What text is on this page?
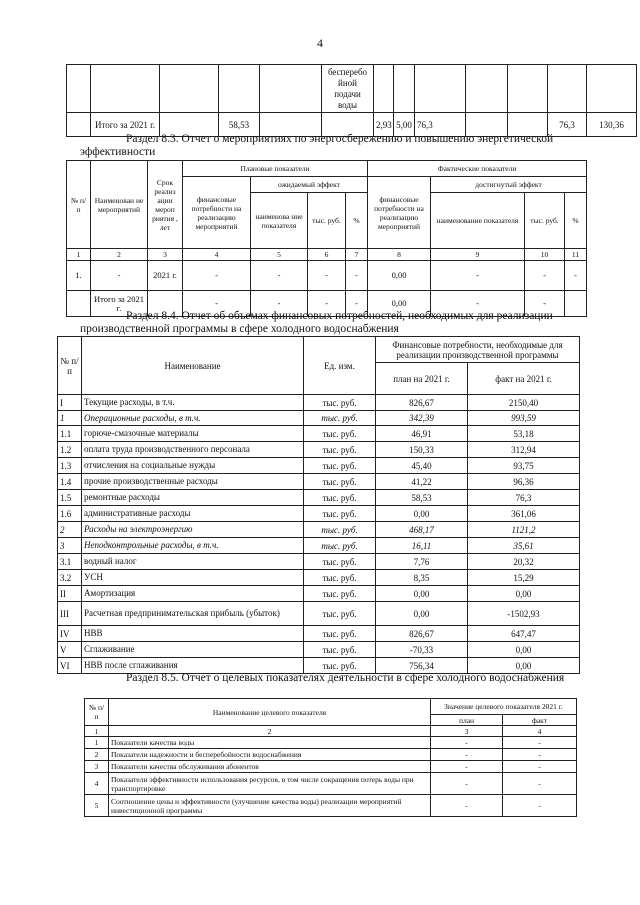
4
					бесперебо йной подачи воды							
	Итого за 2021 г.		58,53			2,93	5,00	76,3			76,3	130,36
Раздел 8.3. Отчет о мероприятиях по энергосбережению и повышению энергетической эффективности
№ п/ п	Наименован ие мероприятий	Срок реализ ации мероп риятия , лет	Плановые показатели				Фактические показатели			
			финансовые потребности на реализацию мероприятий	ожидаемый эффект			финансовые потребности на реализацию мероприятий	достигнутый эффект		
				наименова ние показателя	тыс. руб.	%		наименование показателя	тыс. руб.	%
1	2	3	4	5	6	7	8	9	10	11
1.	-	2021 г.	-	-	-	-	0,00	-	-	-
	Итого за 2021 г.		-	-	-	-	0,00	-	-	
Раздел 8.4. Отчет об объемах финансовых потребностей, необходимых для реализации производственной программы в сфере холодного водоснабжения
№ п/п	Наименование	Ед. изм.	Финансовые потребности, необходимые для реализации производственной программы	
			план на 2021 г.	факт на 2021 г.
I	Текущие расходы, в т.ч.	тыс. руб.	826,67	2150,40
1	Операционные расходы, в т.ч.	тыс. руб.	342,39	993,59
1.1	горюче-смазочные материалы	тыс. руб.	46,91	53,18
1.2	оплата труда производственного персонала	тыс. руб.	150,33	312,94
1.3	отчисления на социальные нужды	тыс. руб.	45,40	93,75
1.4	прочие производственные расходы	тыс. руб.	41,22	96,36
1.5	ремонтные расходы	тыс. руб.	58,53	76,3
1.6	административные расходы	тыс. руб.	0,00	361,06
2	Расходы на электроэнергию	тыс. руб.	468,17	1121,2
3	Неподконтрольные расходы, в т.ч.	тыс. руб.	16,11	35,61
3.1	водный налог	тыс. руб.	7,76	20,32
3.2	УСН	тыс. руб.	8,35	15,29
II	Амортизация	тыс. руб.	0,00	0,00
III	Расчетная предпринимательская прибыль (убыток)	тыс. руб.	0,00	-1502,93
IV	НВВ	тыс. руб.	826,67	647,47
V	Сглаживание	тыс. руб.	-70,33	0,00
VI	НВВ после сглаживания	тыс. руб.	756,34	0,00
Раздел 8.5. Отчет о целевых показателях деятельности в сфере холодного водоснабжения
№ п/п	Наименование целевого показателя	Значение целевого показателя 2021 г.	
		план	факт
1	2	3	4
1	Показатели качества воды	-	-
2	Показатели надежности и бесперебойности водоснабжения	-	-
3	Показатели качества обслуживания абонентов	-	-
4	Показатели эффективности использования ресурсов, в том числе сокращения потерь воды при транспортировке	-	-
5	Соотношение цены и эффективности (улучшение качества воды) реализации мероприятий инвестиционной программы	-	-
